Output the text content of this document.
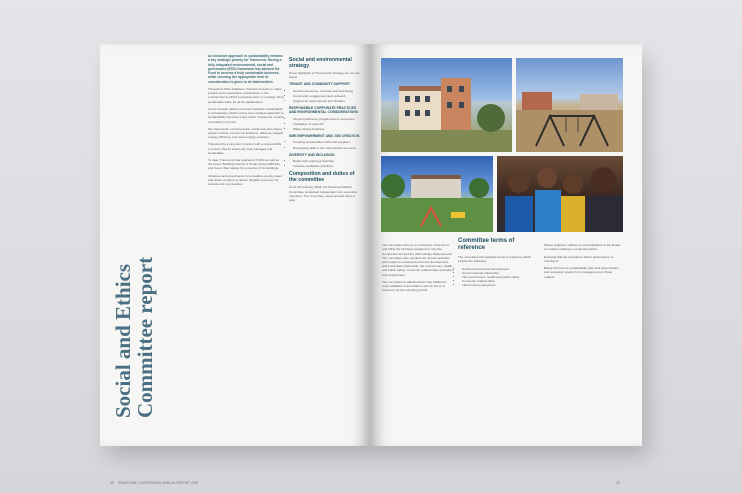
Social and Ethics
Committee report
An inclusive approach to sustainability remains a key strategic priority for Transcend. Having a fully integrated environmental, social and governance (ESG) framework has allowed the Fund to become a truly sustainable business, while ensuring the appropriate level of consideration is given to all stakeholders.

Through its ESG initiatives, Transcend seeks to make positive and measurable contributions to the environment in which it operates and, in so doing, bring sustainable value for all its stakeholders.

As the broader global movement towards sustainability is increasingly evident and a more resilient approach to sustainability has been a key driver, Transcend remains committed to its role.

Our framework, environmental, social and governance actions include, but are not limited to, efficiency targets, energy efficiency and clean energy solutions.

Transcend is a long-term investor with a responsibility to ensure that its assets are well-managed and sustainable.

To date, Transcend has registered 3 SIFs as well as the Green Building Council of South Africa (GBCSA) and Green Star ratings for a number of its buildings.

Initiatives and investments in renewable energy, water and waste continue to deliver tangible outcomes for tenants and communities.

Social and environmental strategy

Some highlights of Transcend's strategy are set out below.

TENANT AND COMMUNITY SUPPORT
• Tenant experience, retention and well-being
• Community engagement and outreach
• Support for local schools and facilities
RESPONSIBLE CORPORATE PRACTICES AND ENVIRONMENTAL CONSIDERATIONS
• Ongoing efficiency programmes in properties
• Installation of solar PV
• Water saving initiatives
SME EMPOWERMENT AND JOB CREATION
• Creating opportunities with local suppliers
• Developing skills in the communities we serve
DIVERSITY AND INCLUSION
• Board and employee diversity
• Inclusive workplace practices
Composition and duties of the committee

As at 28 February 2023, the Social and Ethics Committee comprised independent non-executive members. The committee meets at least twice a year.

48 TRANSCEND | INTEGRATED ANNUAL REPORT 2023

The committee acts as a conscience of the Fund and fulfils the functions assigned to it by the Companies Act and the JSE Listings Requirements. The committee also monitors the Fund's activities with regard to social and economic development, good corporate citizenship, the environment, health and public safety, consumer relationships and labour and employment.

The committee is satisfied that it has fulfilled its responsibilities in accordance with its terms of reference for the reporting period.

Committee terms of reference

The committee has adopted terms of reference which include the following:

• Social and economic development
• Good corporate citizenship
• The environment, health and public safety
• Consumer relationships
• Labour and employment

Where required, making recommendations to the Board on matters relating to social and ethics.

Ensuring that the company's ethics performance is monitored.

Being informed of sustainability risks and opportunities and reviewing reports from management on these matters.

49
